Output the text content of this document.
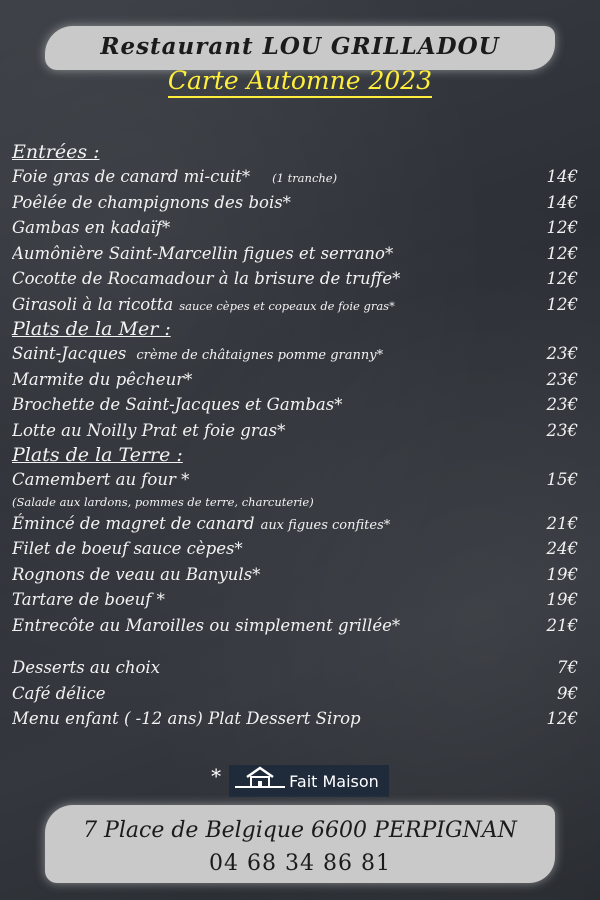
Restaurant LOU GRILLADOU
Carte Automne 2023
Entrées :
Foie gras de canard mi-cuit* (1 tranche)	14€
Poêlée de champignons des bois*	14€
Gambas en kadaïf*	12€
Aumônière Saint-Marcellin figues et serrano*	12€
Cocotte de Rocamadour à la brisure de truffe*	12€
Girasoli à la ricotta sauce cèpes et copeaux de foie gras*	12€
Plats de la Mer :
Saint-Jacques crème de châtaignes pomme granny*	23€
Marmite du pêcheur*	23€
Brochette de Saint-Jacques et Gambas*	23€
Lotte au Noilly Prat et foie gras*	23€
Plats de la Terre :
Camembert au four *	15€
(Salade aux lardons, pommes de terre, charcuterie)
Émincé de magret de canard aux figues confites*	21€
Filet de boeuf sauce cèpes*	24€
Rognons de veau au Banyuls*	19€
Tartare de boeuf *	19€
Entrecôte au Maroilles ou simplement grillée*	21€
Desserts au choix	7€
Café délice	9€
Menu enfant ( -12 ans) Plat Dessert Sirop	12€
*	Fait Maison
7 Place de Belgique 6600 PERPIGNAN
04 68 34 86 81
